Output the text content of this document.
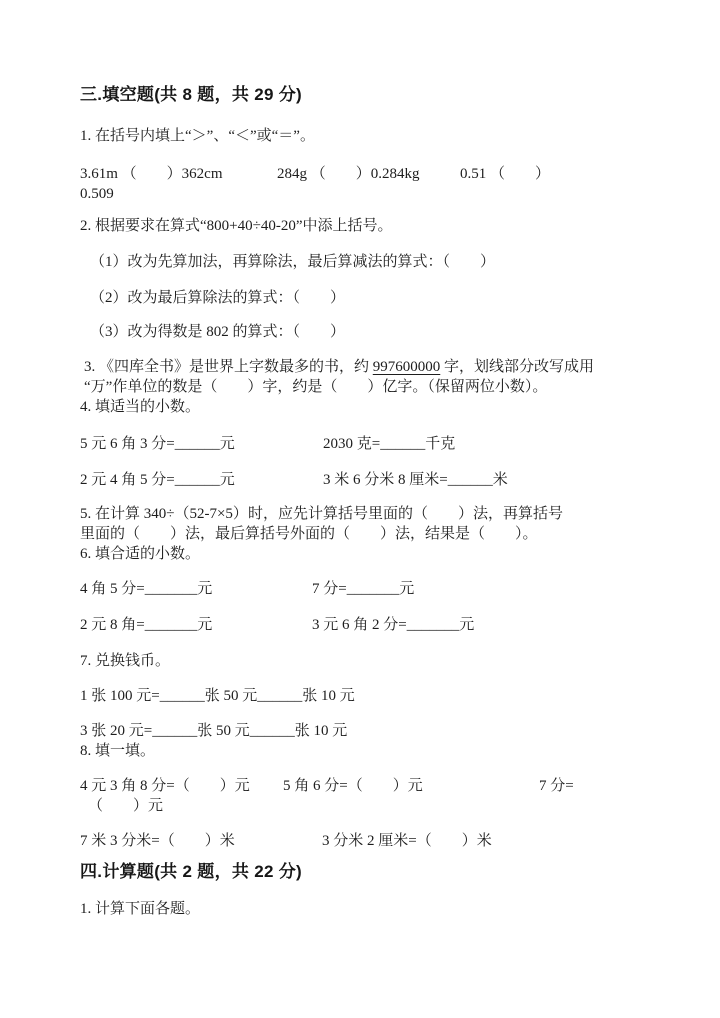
三.填空题(共 8 题，共 29 分)
1. 在括号内填上“＞”、“＜”或“＝”。
3.61m （        ）362cm	284g （        ）0.284kg	0.51 （        ）
0.509
2. 根据要求在算式“800+40÷40-20”中添上括号。
（1）改为先算加法，再算除法，最后算减法的算式：（        ）
（2）改为最后算除法的算式：（        ）
（3）改为得数是 802 的算式：（        ）
3. 《四库全书》是世界上字数最多的书，约 997600000 字，划线部分改写成用
“万”作单位的数是（        ）字，约是（        ）亿字。（保留两位小数）。
4. 填适当的小数。
5 元 6 角 3 分=______元	2030 克=______千克
2 元 4 角 5 分=______元	3 米 6 分米 8 厘米=______米
5. 在计算 340÷（52-7×5）时，应先计算括号里面的（        ）法，再算括号
里面的（        ）法，最后算括号外面的（        ）法，结果是（        ）。
6. 填合适的小数。
4 角 5 分=_______元	7 分=_______元
2 元 8 角=_______元	3 元 6 角 2 分=_______元
7. 兑换钱币。
1 张 100 元=______张 50 元______张 10 元
3 张 20 元=______张 50 元______张 10 元
8. 填一填。
4 元 3 角 8 分=（        ）元 5 角 6 分=（        ）元	7 分=
（        ）元
7 米 3 分米=（        ）米	3 分米 2 厘米=（        ）米
四.计算题(共 2 题，共 22 分)
1. 计算下面各题。
